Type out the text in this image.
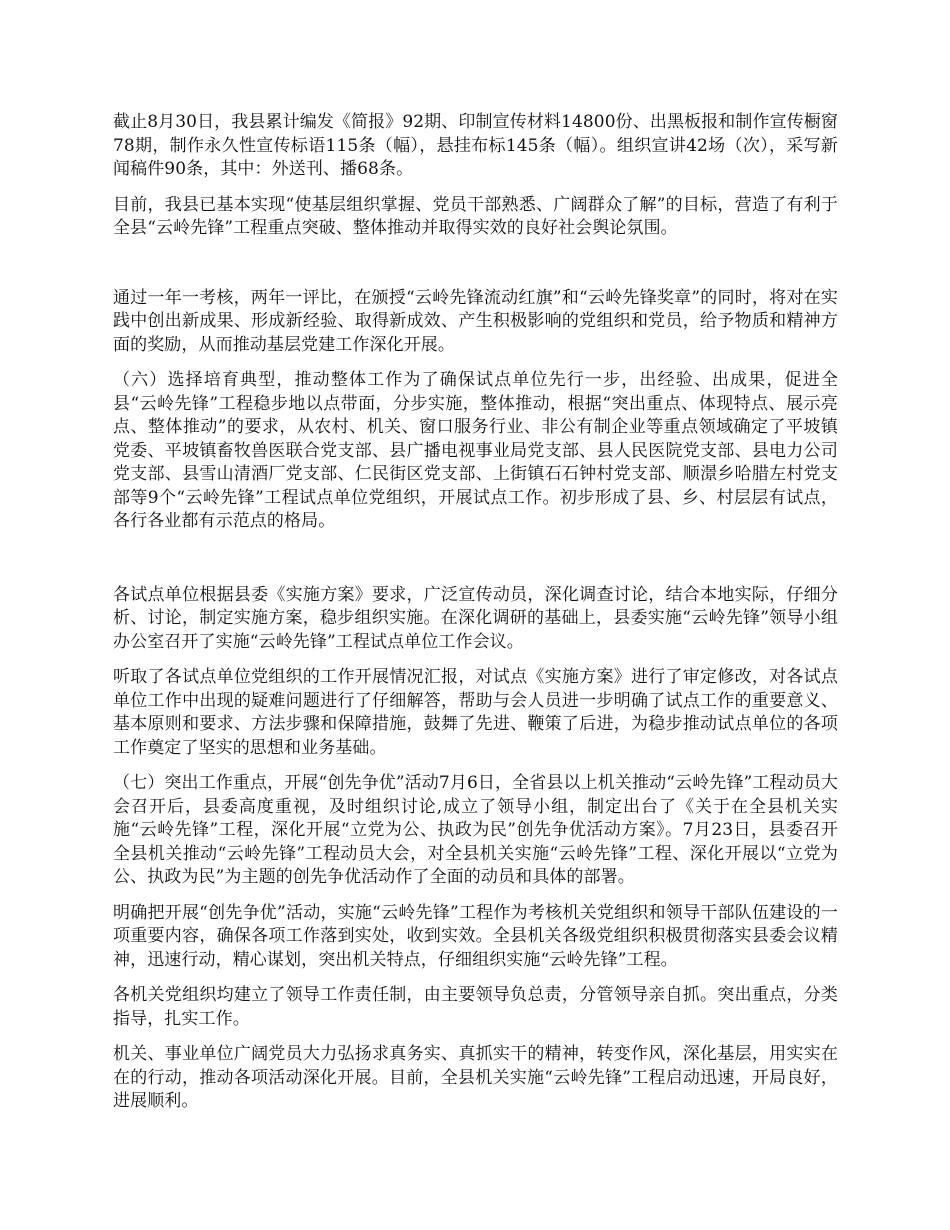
截止8月30日，我县累计编发《简报》92期、印制宣传材料14800份、出黑板报和制作宣传橱窗78期，制作永久性宣传标语115条（幅），悬挂布标145条（幅）。组织宣讲42场（次），采写新闻稿件90条，其中：外送刊、播68条。

目前，我县已基本实现“使基层组织掌握、党员干部熟悉、广阔群众了解”的目标，营造了有利于全县“云岭先锋”工程重点突破、整体推动并取得实效的良好社会舆论氛围。

通过一年一考核，两年一评比，在颁授“云岭先锋流动红旗”和“云岭先锋奖章”的同时，将对在实践中创出新成果、形成新经验、取得新成效、产生积极影响的党组织和党员，给予物质和精神方面的奖励，从而推动基层党建工作深化开展。

（六）选择培育典型，推动整体工作为了确保试点单位先行一步，出经验、出成果，促进全县“云岭先锋”工程稳步地以点带面，分步实施，整体推动，根据“突出重点、体现特点、展示亮点、整体推动”的要求，从农村、机关、窗口服务行业、非公有制企业等重点领域确定了平坡镇党委、平坡镇畜牧兽医联合党支部、县广播电视事业局党支部、县人民医院党支部、县电力公司党支部、县雪山清酒厂党支部、仁民街区党支部、上街镇石石钟村党支部、顺澋乡哈腊左村党支部等9个“云岭先锋”工程试点单位党组织，开展试点工作。初步形成了县、乡、村层层有试点，各行各业都有示范点的格局。

各试点单位根据县委《实施方案》要求，广泛宣传动员，深化调查讨论，结合本地实际，仔细分析、讨论，制定实施方案，稳步组织实施。在深化调研的基础上，县委实施“云岭先锋”领导小组办公室召开了实施“云岭先锋”工程试点单位工作会议。

听取了各试点单位党组织的工作开展情况汇报，对试点《实施方案》进行了审定修改，对各试点单位工作中出现的疑难问题进行了仔细解答，帮助与会人员进一步明确了试点工作的重要意义、基本原则和要求、方法步骤和保障措施，鼓舞了先进、鞭策了后进，为稳步推动试点单位的各项工作奠定了坚实的思想和业务基础。

（七）突出工作重点，开展“创先争优”活动7月6日，全省县以上机关推动“云岭先锋”工程动员大会召开后，县委高度重视，及时组织讨论,成立了领导小组，制定出台了《关于在全县机关实施“云岭先锋”工程，深化开展“立党为公、执政为民”创先争优活动方案》。7月23日，县委召开全县机关推动“云岭先锋”工程动员大会，对全县机关实施“云岭先锋”工程、深化开展以“立党为公、执政为民”为主题的创先争优活动作了全面的动员和具体的部署。

明确把开展“创先争优”活动，实施“云岭先锋”工程作为考核机关党组织和领导干部队伍建设的一项重要内容，确保各项工作落到实处，收到实效。全县机关各级党组织积极贯彻落实县委会议精神，迅速行动，精心谋划，突出机关特点，仔细组织实施“云岭先锋”工程。

各机关党组织均建立了领导工作责任制，由主要领导负总责，分管领导亲自抓。突出重点，分类指导，扎实工作。

机关、事业单位广阔党员大力弘扬求真务实、真抓实干的精神，转变作风，深化基层，用实实在在的行动，推动各项活动深化开展。目前，全县机关实施“云岭先锋”工程启动迅速，开局良好，进展顺利。
